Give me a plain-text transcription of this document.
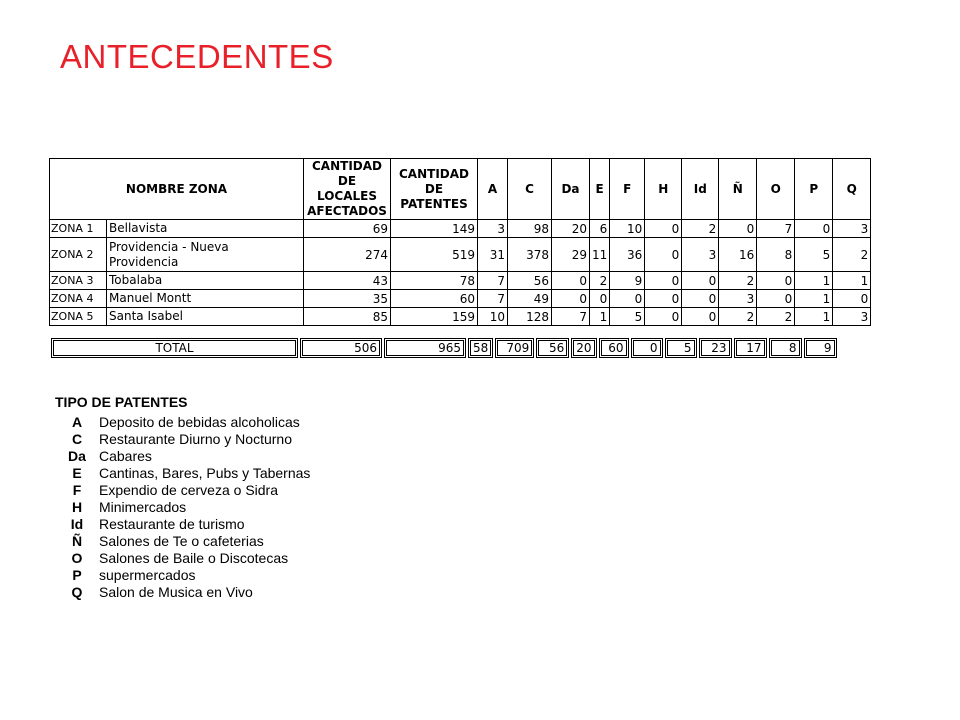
ANTECEDENTES
NOMBRE ZONA		CANTIDAD DE LOCALES AFECTADOS	CANTIDAD DE PATENTES	A	C	Da	E	F	H	Id	Ñ	O	P	Q
ZONA 1	Bellavista	69	149	3	98	20	6	10	0	2	0	7	0	3
ZONA 2	Providencia - Nueva Providencia	274	519	31	378	29	11	36	0	3	16	8	5	2
ZONA 3	Tobalaba	43	78	7	56	0	2	9	0	0	2	0	1	1
ZONA 4	Manuel Montt	35	60	7	49	0	0	0	0	0	3	0	1	0
ZONA 5	Santa Isabel	85	159	10	128	7	1	5	0	0	2	2	1	3
TOTAL	506	965	58	709	56	20	60	0	5	23	17	8	9
TIPO DE PATENTES
A	Deposito de bebidas alcoholicas
C	Restaurante Diurno y Nocturno
Da Cabares
E	Cantinas, Bares, Pubs y Tabernas
F	Expendio de cerveza o Sidra
H	Minimercados
Id	Restaurante de turismo
Ñ	Salones de Te o cafeterias
O	Salones de Baile o Discotecas
P	supermercados
Q	Salon de Musica en Vivo
